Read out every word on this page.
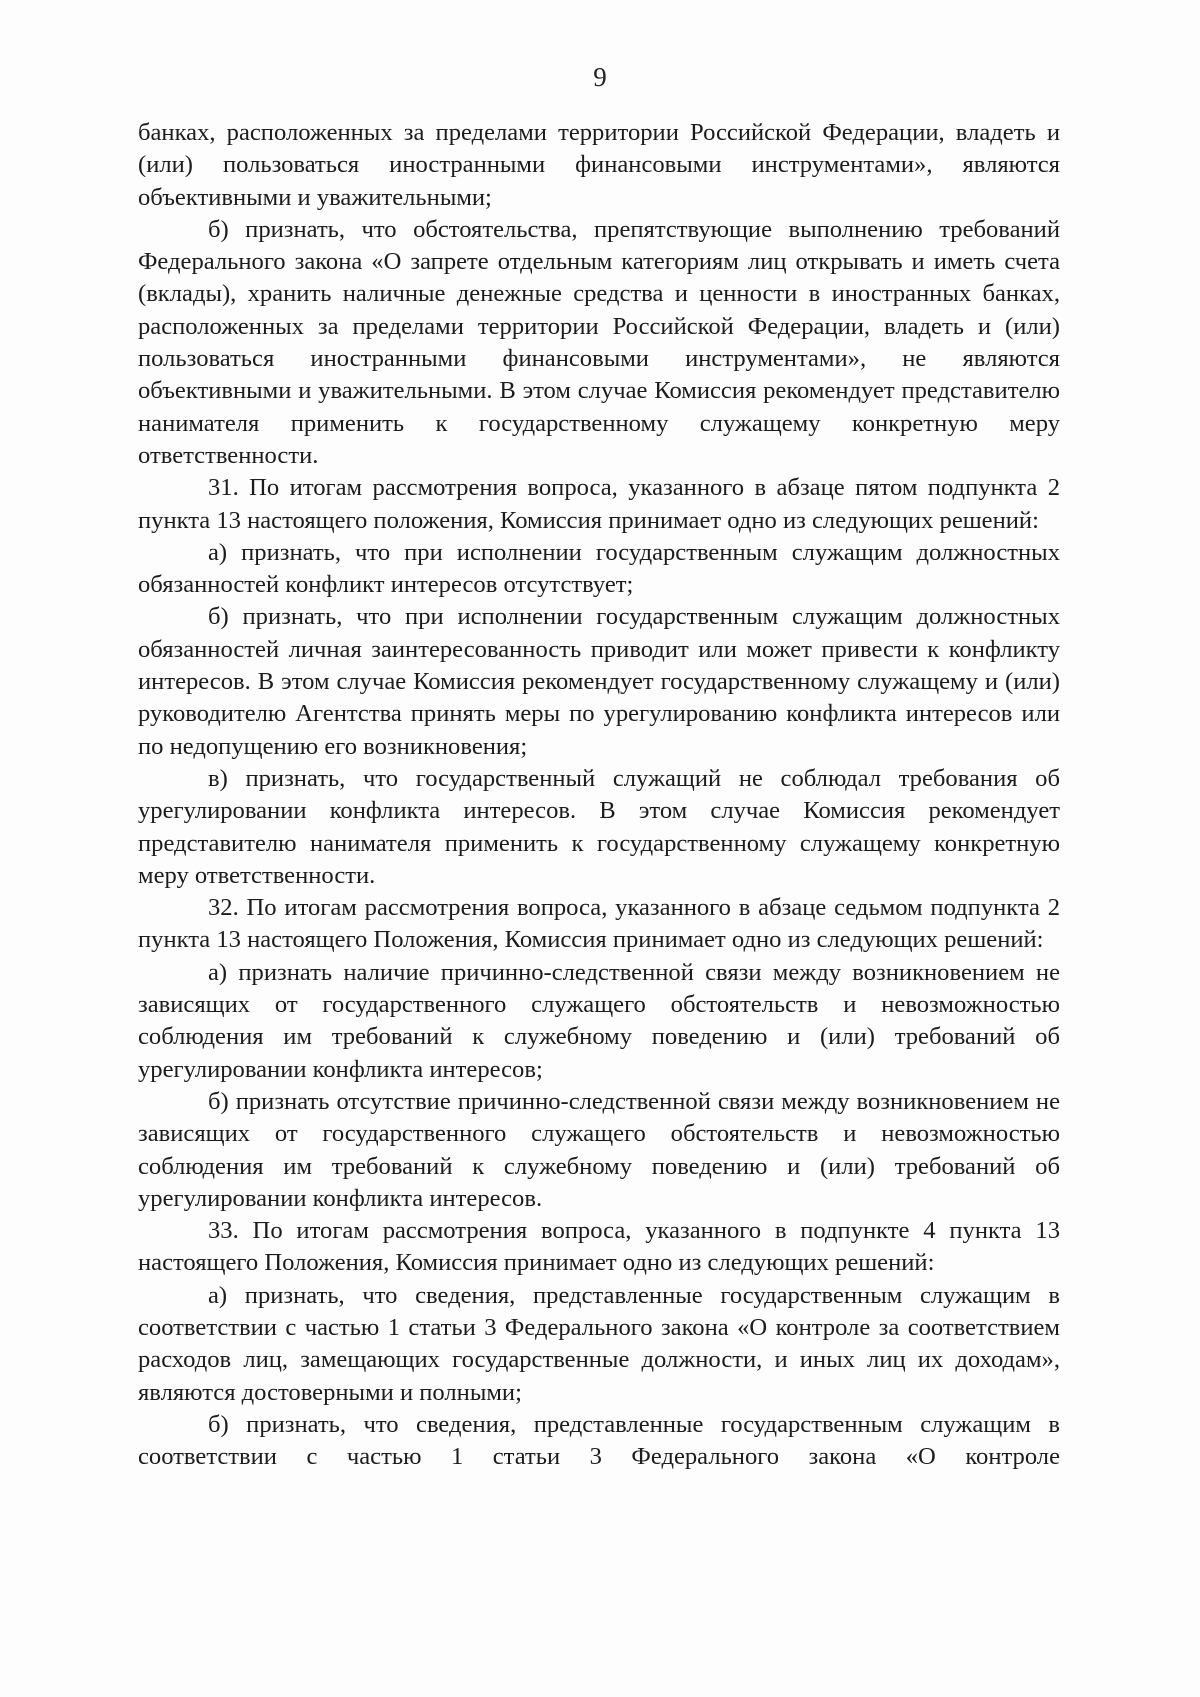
9

банках, расположенных за пределами территории Российской Федерации, владеть и (или) пользоваться иностранными финансовыми инструментами», являются объективными и уважительными;

б) признать, что обстоятельства, препятствующие выполнению требований Федерального закона «О запрете отдельным категориям лиц открывать и иметь счета (вклады), хранить наличные денежные средства и ценности в иностранных банках, расположенных за пределами территории Российской Федерации, владеть и (или) пользоваться иностранными финансовыми инструментами», не являются объективными и уважительными. В этом случае Комиссия рекомендует представителю нанимателя применить к государственному служащему конкретную меру ответственности.

31. По итогам рассмотрения вопроса, указанного в абзаце пятом подпункта 2 пункта 13 настоящего положения, Комиссия принимает одно из следующих решений:

а) признать, что при исполнении государственным служащим должностных обязанностей конфликт интересов отсутствует;

б) признать, что при исполнении государственным служащим должностных обязанностей личная заинтересованность приводит или может привести к конфликту интересов. В этом случае Комиссия рекомендует государственному служащему и (или) руководителю Агентства принять меры по урегулированию конфликта интересов или по недопущению его возникновения;

в) признать, что государственный служащий не соблюдал требования об урегулировании конфликта интересов. В этом случае Комиссия рекомендует представителю нанимателя применить к государственному служащему конкретную меру ответственности.

32. По итогам рассмотрения вопроса, указанного в абзаце седьмом подпункта 2 пункта 13 настоящего Положения, Комиссия принимает одно из следующих решений:

а) признать наличие причинно-следственной связи между возникновением не зависящих от государственного служащего обстоятельств и невозможностью соблюдения им требований к служебному поведению и (или) требований об урегулировании конфликта интересов;

б) признать отсутствие причинно-следственной связи между возникновением не зависящих от государственного служащего обстоятельств и невозможностью соблюдения им требований к служебному поведению и (или) требований об урегулировании конфликта интересов.

33. По итогам рассмотрения вопроса, указанного в подпункте 4 пункта 13 настоящего Положения, Комиссия принимает одно из следующих решений:

а) признать, что сведения, представленные государственным служащим в соответствии с частью 1 статьи 3 Федерального закона «О контроле за соответствием расходов лиц, замещающих государственные должности, и иных лиц их доходам», являются достоверными и полными;

б) признать, что сведения, представленные государственным служащим в соответствии с частью 1 статьи 3 Федерального закона «О контроле
